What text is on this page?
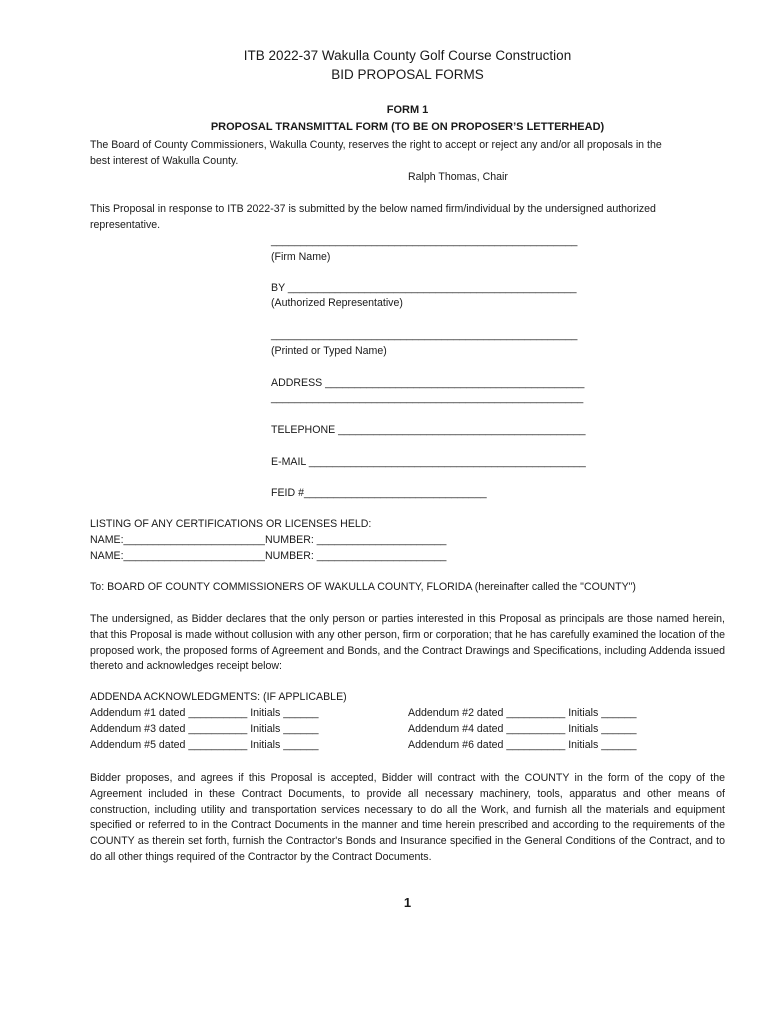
ITB 2022-37 Wakulla County Golf Course Construction
BID PROPOSAL FORMS
FORM 1
PROPOSAL TRANSMITTAL FORM (TO BE ON PROPOSER’S LETTERHEAD)
The Board of County Commissioners, Wakulla County, reserves the right to accept or reject any and/or all proposals in the
best interest of Wakulla County.
Ralph Thomas, Chair
This Proposal in response to ITB 2022-37 is submitted by the below named firm/individual by the undersigned authorized
representative.
____________________________________________________
(Firm Name)
BY _________________________________________________
(Authorized Representative)
____________________________________________________
(Printed or Typed Name)
ADDRESS ____________________________________________
_____________________________________________________
TELEPHONE __________________________________________
E-MAIL _______________________________________________
FEID #_______________________________
LISTING OF ANY CERTIFICATIONS OR LICENSES HELD:
NAME:________________________NUMBER: ______________________
NAME:________________________NUMBER: ______________________
To: BOARD OF COUNTY COMMISSIONERS OF WAKULLA COUNTY, FLORIDA (hereinafter called the "COUNTY")
The undersigned, as Bidder declares that the only person or parties interested in this Proposal as principals are those named herein, that this Proposal is made without collusion with any other person, firm or corporation; that he has carefully examined the location of the proposed work, the proposed forms of Agreement and Bonds, and the Contract Drawings and Specifications, including Addenda issued thereto and acknowledges receipt below:
ADDENDA ACKNOWLEDGMENTS: (IF APPLICABLE)
Addendum #1 dated __________ Initials ______
Addendum #3 dated __________ Initials ______
Addendum #5 dated __________ Initials ______
Addendum #2 dated __________ Initials ______
Addendum #4 dated __________ Initials ______
Addendum #6 dated __________ Initials ______
Bidder proposes, and agrees if this Proposal is accepted, Bidder will contract with the COUNTY in the form of the copy of the Agreement included in these Contract Documents, to provide all necessary machinery, tools, apparatus and other means of construction, including utility and transportation services necessary to do all the Work, and furnish all the materials and equipment specified or referred to in the Contract Documents in the manner and time herein prescribed and according to the requirements of the COUNTY as therein set forth, furnish the Contractor's Bonds and Insurance specified in the General Conditions of the Contract, and to do all other things required of the Contractor by the Contract Documents.
1
